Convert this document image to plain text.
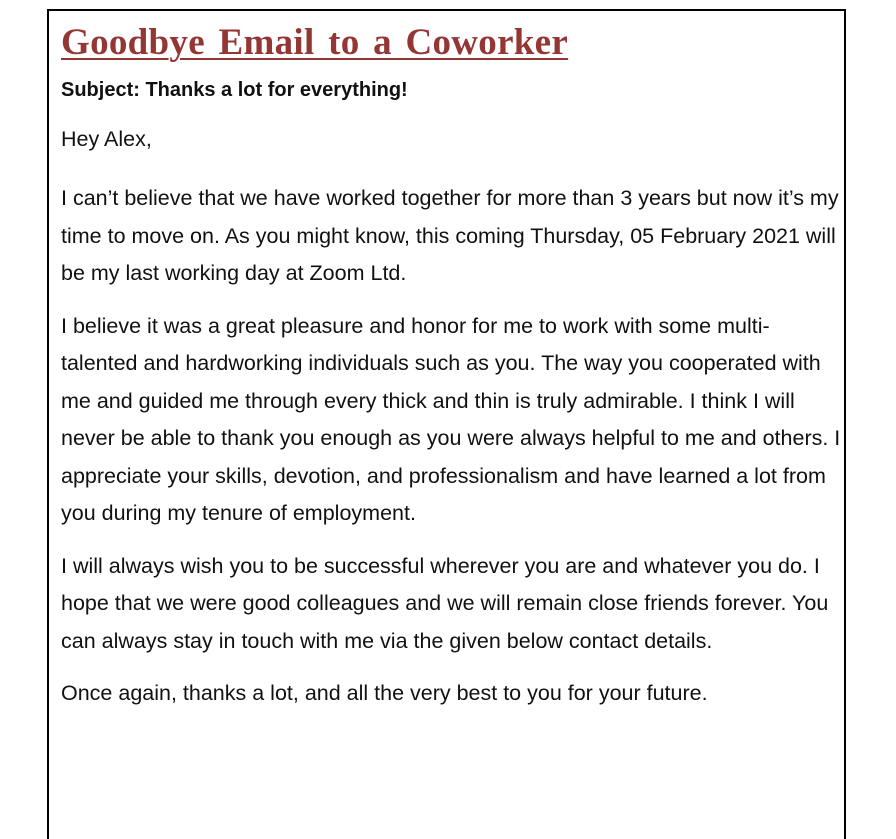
Goodbye Email to a Coworker

Subject: Thanks a lot for everything!

Hey Alex,

I can’t believe that we have worked together for more than 3 years but now it’s my time to move on. As you might know, this coming Thursday, 05 February 2021 will be my last working day at Zoom Ltd.

I believe it was a great pleasure and honor for me to work with some multi-talented and hardworking individuals such as you. The way you cooperated with me and guided me through every thick and thin is truly admirable. I think I will never be able to thank you enough as you were always helpful to me and others. I appreciate your skills, devotion, and professionalism and have learned a lot from you during my tenure of employment.

I will always wish you to be successful wherever you are and whatever you do. I hope that we were good colleagues and we will remain close friends forever. You can always stay in touch with me via the given below contact details.

Once again, thanks a lot, and all the very best to you for your future.
